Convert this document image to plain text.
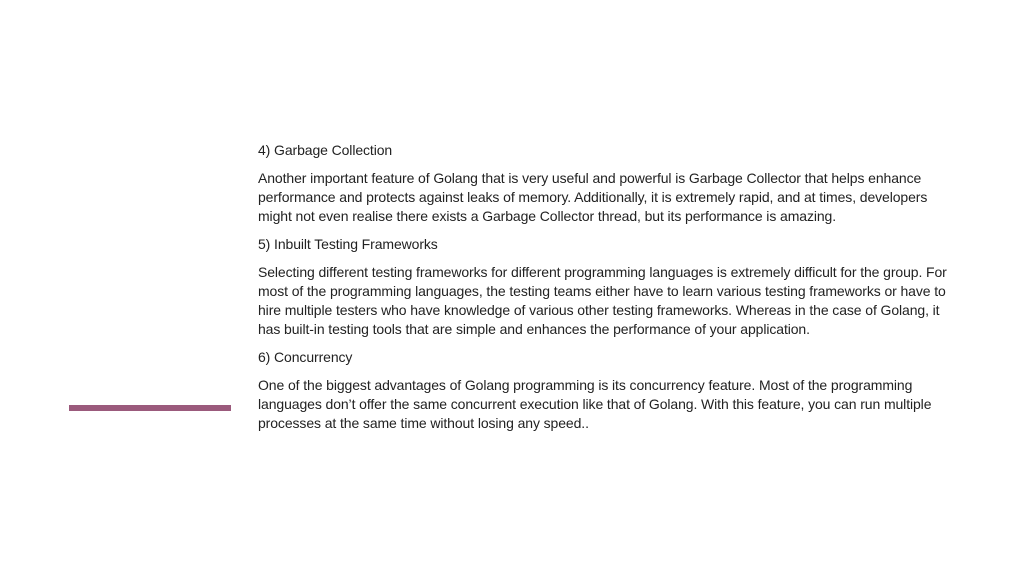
4) Garbage Collection

Another important feature of Golang that is very useful and powerful is Garbage Collector that helps enhance performance and protects against leaks of memory. Additionally, it is extremely rapid, and at times, developers might not even realise there exists a Garbage Collector thread, but its performance is amazing.

5) Inbuilt Testing Frameworks

Selecting different testing frameworks for different programming languages is extremely difficult for the group. For most of the programming languages, the testing teams either have to learn various testing frameworks or have to hire multiple testers who have knowledge of various other testing frameworks. Whereas in the case of Golang, it has built-in testing tools that are simple and enhances the performance of your application.

6) Concurrency

One of the biggest advantages of Golang programming is its concurrency feature. Most of the programming languages don’t offer the same concurrent execution like that of Golang. With this feature, you can run multiple processes at the same time without losing any speed..
